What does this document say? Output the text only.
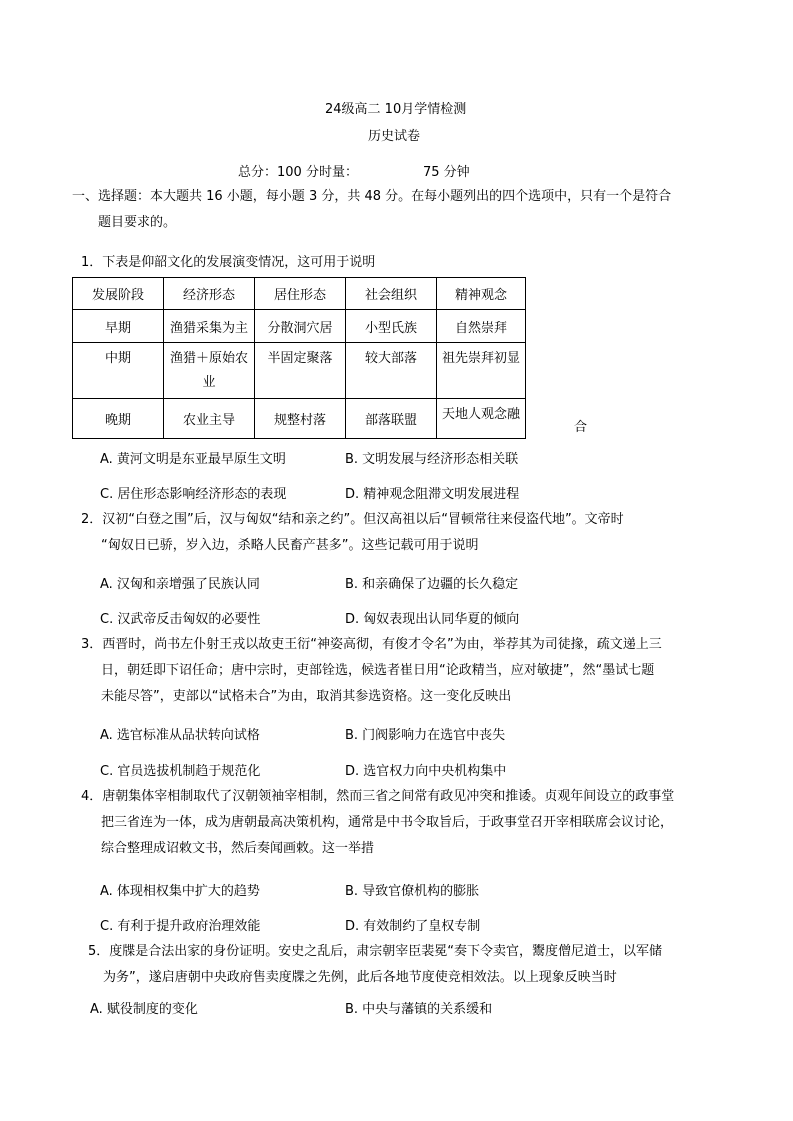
24级高二 10月学情检测
历史试卷
总分：100 分时量：	75 分钟
一、选择题：本大题共 16 小题，每小题 3 分，共 48 分。在每小题列出的四个选项中，只有一个是符合
题目要求的。
1．下表是仰韶文化的发展演变情况，这可用于说明
发展阶段	经济形态	居住形态	社会组织	精神观念
早期	渔猎采集为主	分散洞穴居	小型氏族	自然崇拜
中期	渔猎＋原始农业	半固定聚落	较大部落	祖先崇拜初显
晚期	农业主导	规整村落	部落联盟	天地人观念融
合
A. 黄河文明是东亚最早原生文明	B. 文明发展与经济形态相关联
C. 居住形态影响经济形态的表现	D. 精神观念阻滞文明发展进程
2．汉初“白登之围”后，汉与匈奴“结和亲之约”。但汉高祖以后“冒顿常往来侵盗代地”。文帝时
“匈奴日已骄，岁入边，杀略人民畜产甚多”。这些记载可用于说明
A. 汉匈和亲增强了民族认同	B. 和亲确保了边疆的长久稳定
C. 汉武帝反击匈奴的必要性	D. 匈奴表现出认同华夏的倾向
3．西晋时，尚书左仆射王戎以故吏王衍“神姿高彻，有俊才令名”为由，举荐其为司徒掾，疏文递上三
日，朝廷即下诏任命；唐中宗时，吏部铨选，候选者崔日用“论政精当，应对敏捷”，然“墨试七题
未能尽答”，吏部以“试格未合”为由，取消其参选资格。这一变化反映出
A. 选官标准从品状转向试格	B. 门阀影响力在选官中丧失
C. 官员选拔机制趋于规范化	D. 选官权力向中央机构集中
4．唐朝集体宰相制取代了汉朝领袖宰相制，然而三省之间常有政见冲突和推诿。贞观年间设立的政事堂
把三省连为一体，成为唐朝最高决策机构，通常是中书令取旨后，于政事堂召开宰相联席会议讨论，
综合整理成诏敕文书，然后奏闻画敕。这一举措
A. 体现相权集中扩大的趋势	B. 导致官僚机构的膨胀
C. 有利于提升政府治理效能	D. 有效制约了皇权专制
5．度牒是合法出家的身份证明。安史之乱后，肃宗朝宰臣裴冕“奏下令卖官，鬻度僧尼道士，以军储
为务”，遂启唐朝中央政府售卖度牒之先例，此后各地节度使竞相效法。以上现象反映当时
A. 赋役制度的变化	B. 中央与藩镇的关系缓和
